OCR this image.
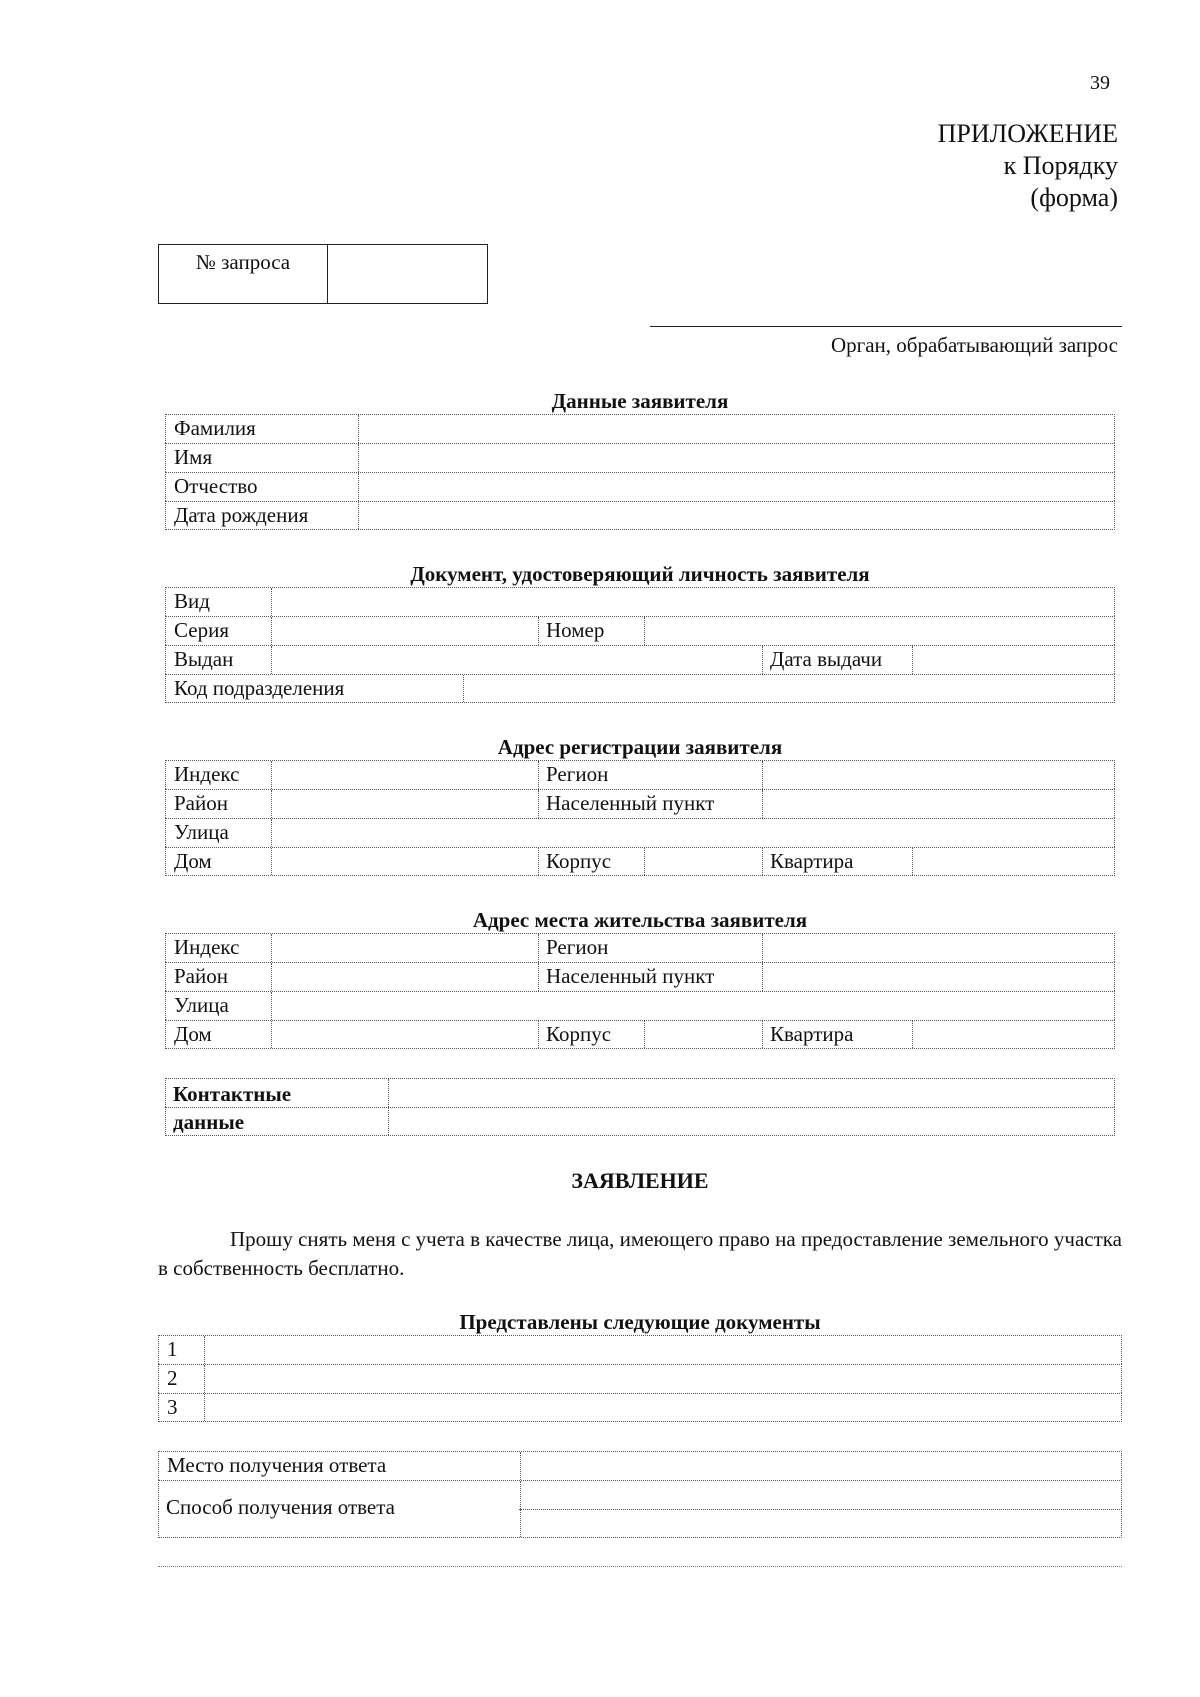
39
ПРИЛОЖЕНИЕ
к Порядку
(форма)
№ запроса
Орган, обрабатывающий запрос
Данные заявителя
Фамилия
Имя
Отчество
Дата рождения
Документ, удостоверяющий личность заявителя
Вид
Серия	Номер
Выдан	Дата выдачи
Код подразделения
Адрес регистрации заявителя
Индекс	Регион
Район	Населенный пункт
Улица
Дом	Корпус	Квартира
Адрес места жительства заявителя
Индекс	Регион
Район	Населенный пункт
Улица
Дом	Корпус	Квартира
Контактные
данные
ЗАЯВЛЕНИЕ
Прошу снять меня с учета в качестве лица, имеющего право на предоставление земельного участка в собственность бесплатно.
Представлены следующие документы
1
2
3
Место получения ответа
Способ получения ответа
